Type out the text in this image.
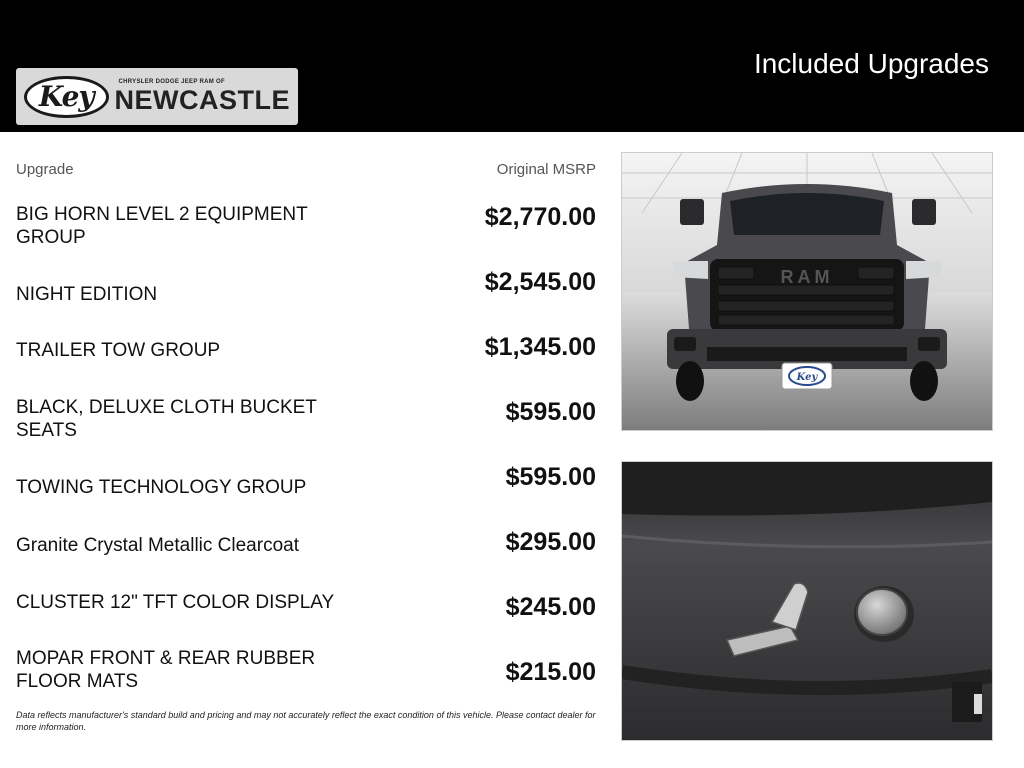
Key	CHRYSLER DODGE JEEP RAM OF
NEWCASTLE
Included Upgrades
Upgrade	Original MSRP
BIG HORN LEVEL 2 EQUIPMENT GROUP
$2,770.00
NIGHT EDITION	$2,545.00
TRAILER TOW GROUP	$1,345.00
BLACK, DELUXE CLOTH BUCKET SEATS
$595.00
TOWING TECHNOLOGY GROUP	$595.00
Granite Crystal Metallic Clearcoat	$295.00
CLUSTER 12" TFT COLOR DISPLAY	$245.00
MOPAR FRONT & REAR RUBBER FLOOR MATS	$215.00
Data reflects manufacturer's standard build and pricing and may not accurately reflect the exact condition of this vehicle. Please contact dealer for more information.
RAM
Key
